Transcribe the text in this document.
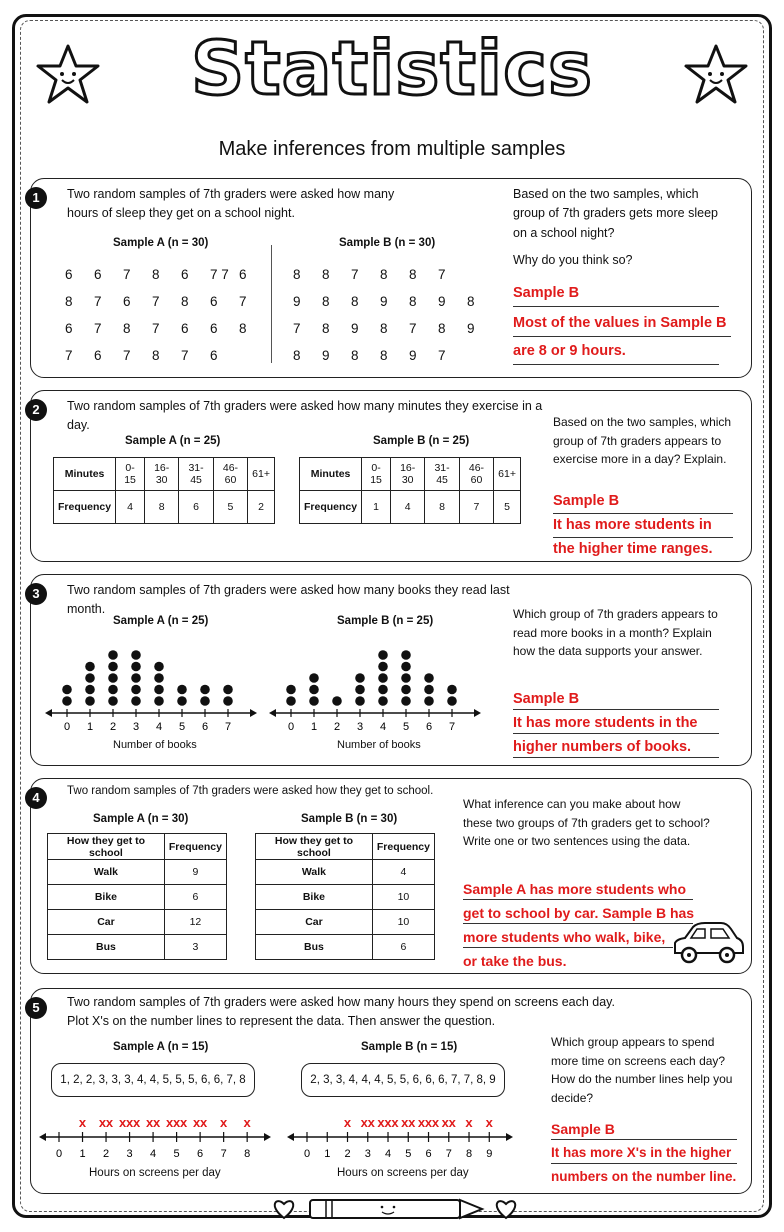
Statistics
Make inferences from multiple samples
1	Two random samples of 7th graders were asked how many hours of sleep they get on a school night.
Sample A (n = 30)	Sample B (n = 30)
6 6 7 8 6 7 7 6
8 7 6 7 8 6 7
6 7 8 7 6 6 8
7 6 7 8 7 6
8 8 7 8 8 7
9 8 8 9 8 9 8
7 8 9 8 7 8 9
8 9 8 8 9 7
Based on the two samples, which group of 7th graders gets more sleep on a school night?
Why do you think so?
Sample B
Most of the values in Sample B
are 8 or 9 hours.
2	Two random samples of 7th graders were asked how many minutes they exercise in a day.
Sample A (n = 25)	Sample B (n = 25)
Minutes	0-15	16-30	31-45	46-60	61+
Frequency	4	8	6	5	2
Minutes	0-15	16-30	31-45	46-60	61+
Frequency	1	4	8	7	5
Based on the two samples, which group of 7th graders appears to exercise more in a day? Explain.
Sample B
It has more students in
the higher time ranges.
3	Two random samples of 7th graders were asked how many books they read last month.
Sample A (n = 25)	Sample B (n = 25)
0 1 2 3 4 5 6 7	0 1 2 3 4 5 6 7
Number of books	Number of books
Which group of 7th graders appears to read more books in a month? Explain how the data supports your answer.
Sample B
It has more students in the
higher numbers of books.
4	Two random samples of 7th graders were asked how they get to school.
Sample A (n = 30)	Sample B (n = 30)
How they get to school	Frequency
Walk	9
Bike	6
Car	12
Bus	3
How they get to school	Frequency
Walk	4
Bike	10
Car	10
Bus	6
What inference can you make about how these two groups of 7th graders get to school? Write one or two sentences using the data.
Sample A has more students who
get to school by car. Sample B has
more students who walk, bike,
or take the bus.
5	Two random samples of 7th graders were asked how many hours they spend on screens each day. Plot X's on the number lines to represent the data. Then answer the question.
Sample A (n = 15)	Sample B (n = 15)
1, 2, 2, 3, 3, 3, 4, 4, 5, 5, 5, 6, 6, 7, 8	2, 3, 3, 4, 4, 4, 5, 5, 6, 6, 6, 7, 7, 8, 9
0 1
x
2
x x
3
x x x
4
x x
5
x x x
6
x x
7
x
8
x
0 1 2
x
3
x x
4
x x x
5
x x
6
x x x
7
x x
8
x
9
x
Hours on screens per day	Hours on screens per day
Which group appears to spend more time on screens each day? How do the number lines help you decide?
Sample B
It has more X's in the higher
numbers on the number line.
